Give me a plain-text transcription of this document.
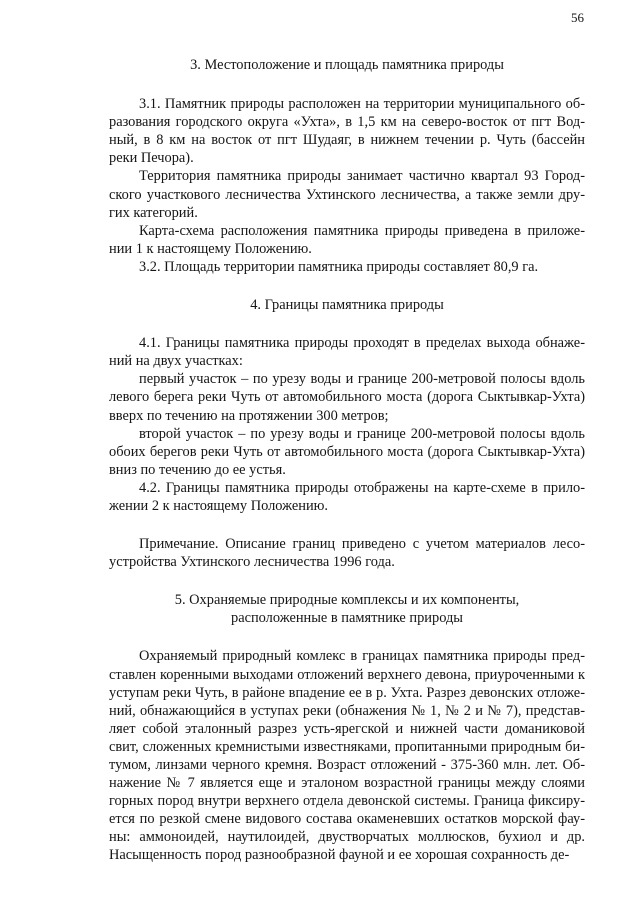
56

3. Местоположение и площадь памятника природы

3.1. Памятник природы расположен на территории муниципального образования городского округа «Ухта», в 1,5 км на северо-восток от пгт Водный, в 8 км на восток от пгт Шудаяг, в нижнем течении р. Чуть (бассейн реки Печора).

Территория памятника природы занимает частично квартал 93 Городского участкового лесничества Ухтинского лесничества, а также земли других категорий.

Карта-схема расположения памятника природы приведена в приложении 1 к настоящему Положению.

3.2. Площадь территории памятника природы составляет 80,9 га.

4. Границы памятника природы

4.1. Границы памятника природы проходят в пределах выхода обнажений на двух участках:

первый участок – по урезу воды и границе 200-метровой полосы вдоль левого берега реки Чуть от автомобильного моста (дорога Сыктывкар-Ухта) вверх по течению на протяжении 300 метров;

второй участок – по урезу воды и границе 200-метровой полосы вдоль обоих берегов реки Чуть от автомобильного моста (дорога Сыктывкар-Ухта) вниз по течению до ее устья.

4.2. Границы памятника природы отображены на карте-схеме в приложении 2 к настоящему Положению.

Примечание. Описание границ приведено с учетом материалов лесоустройства Ухтинского лесничества 1996 года.

5. Охраняемые природные комплексы и их компоненты,
расположенные в памятнике природы

Охраняемый природный комлекс в границах памятника природы представлен коренными выходами отложений верхнего девона, приуроченными к уступам реки Чуть, в районе впадение ее в р. Ухта. Разрез девонских отложений, обнажающийся в уступах реки (обнажения № 1, № 2 и № 7), представляет собой эталонный разрез усть-ярегской и нижней части доманиковой свит, сложенных кремнистыми известняками, пропитанными природным битумом, линзами черного кремня. Возраст отложений - 375-360 млн. лет. Обнажение № 7 является еще и эталоном возрастной границы между слоями горных пород внутри верхнего отдела девонской системы. Граница фиксируется по резкой смене видового состава окаменевших остатков морской фауны: аммоноидей, наутилоидей, двустворчатых моллюсков, бухиол и др. Насыщенность пород разнообразной фауной и ее хорошая сохранность де-
